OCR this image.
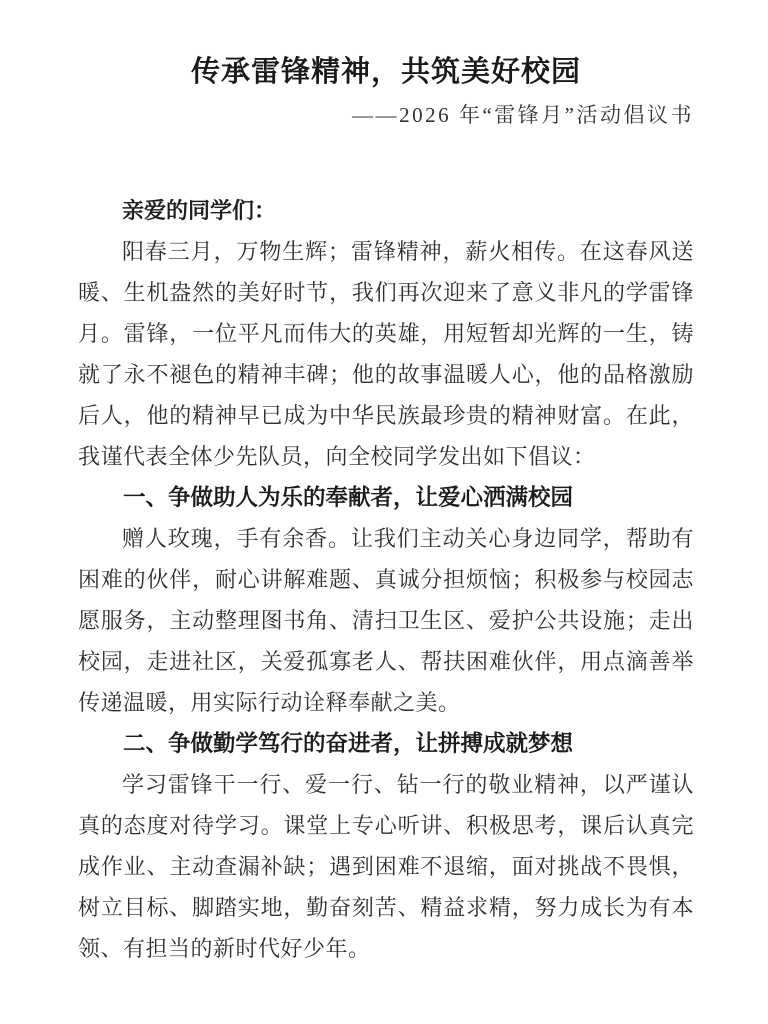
传承雷锋精神，共筑美好校园

——2026 年“雷锋月”活动倡议书

亲爱的同学们：

阳春三月，万物生辉；雷锋精神，薪火相传。在这春风送暖、生机盎然的美好时节，我们再次迎来了意义非凡的学雷锋月。雷锋，一位平凡而伟大的英雄，用短暂却光辉的一生，铸就了永不褪色的精神丰碑；他的故事温暖人心，他的品格激励后人，他的精神早已成为中华民族最珍贵的精神财富。在此，我谨代表全体少先队员，向全校同学发出如下倡议：

一、争做助人为乐的奉献者，让爱心洒满校园

赠人玫瑰，手有余香。让我们主动关心身边同学，帮助有困难的伙伴，耐心讲解难题、真诚分担烦恼；积极参与校园志愿服务，主动整理图书角、清扫卫生区、爱护公共设施；走出校园，走进社区，关爱孤寡老人、帮扶困难伙伴，用点滴善举传递温暖，用实际行动诠释奉献之美。

二、争做勤学笃行的奋进者，让拼搏成就梦想

学习雷锋干一行、爱一行、钻一行的敬业精神，以严谨认真的态度对待学习。课堂上专心听讲、积极思考，课后认真完成作业、主动查漏补缺；遇到困难不退缩，面对挑战不畏惧，树立目标、脚踏实地，勤奋刻苦、精益求精，努力成长为有本领、有担当的新时代好少年。
